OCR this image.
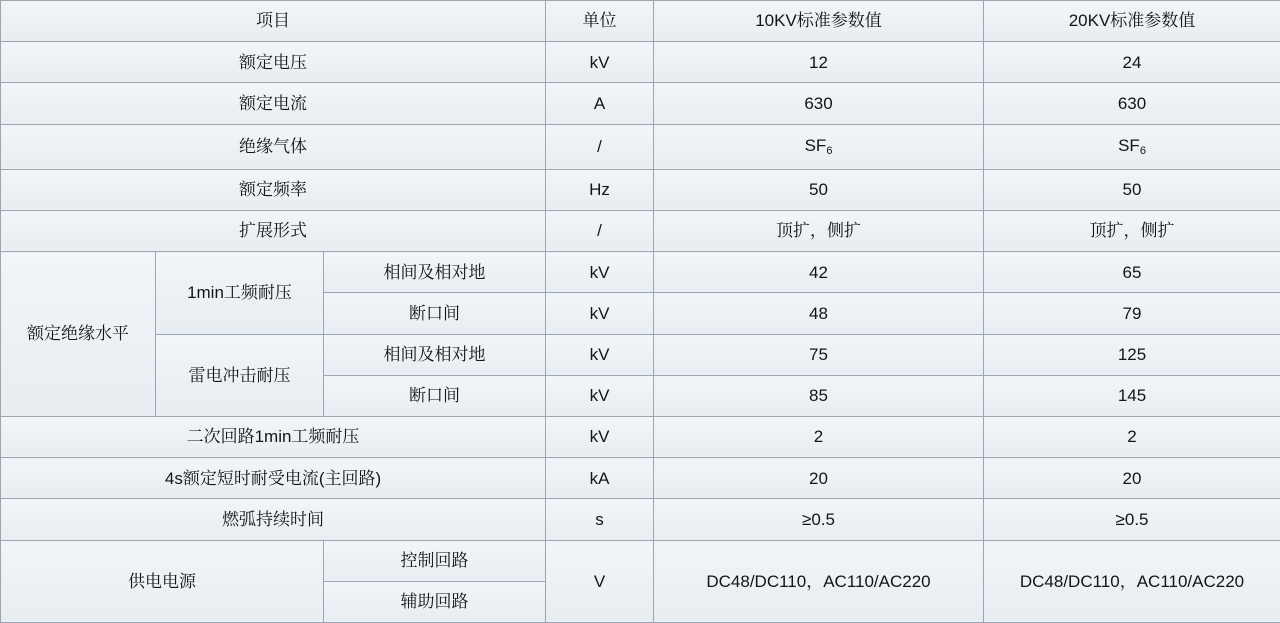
项目			单位	10KV标准参数值	20KV标准参数值
额定电压			kV	12	24
额定电流			A	630	630
绝缘气体			/	$SF_6$	$SF_6$
额定频率			Hz	50	50
扩展形式			/	顶扩，侧扩	顶扩，侧扩
额定绝缘水平	1min工频耐压	相间及相对地	kV	42	65
		断口间	kV	48	79
	雷电冲击耐压	相间及相对地	kV	75	125
		断口间	kV	85	145
二次回路1min工频耐压			kV	2	2
4s额定短时耐受电流(主回路)			kA	20	20
燃弧持续时间			s	≥0.5	≥0.5
供电电源		控制回路	V	DC48/DC110，AC110/AC220	DC48/DC110，AC110/AC220
		辅助回路			
